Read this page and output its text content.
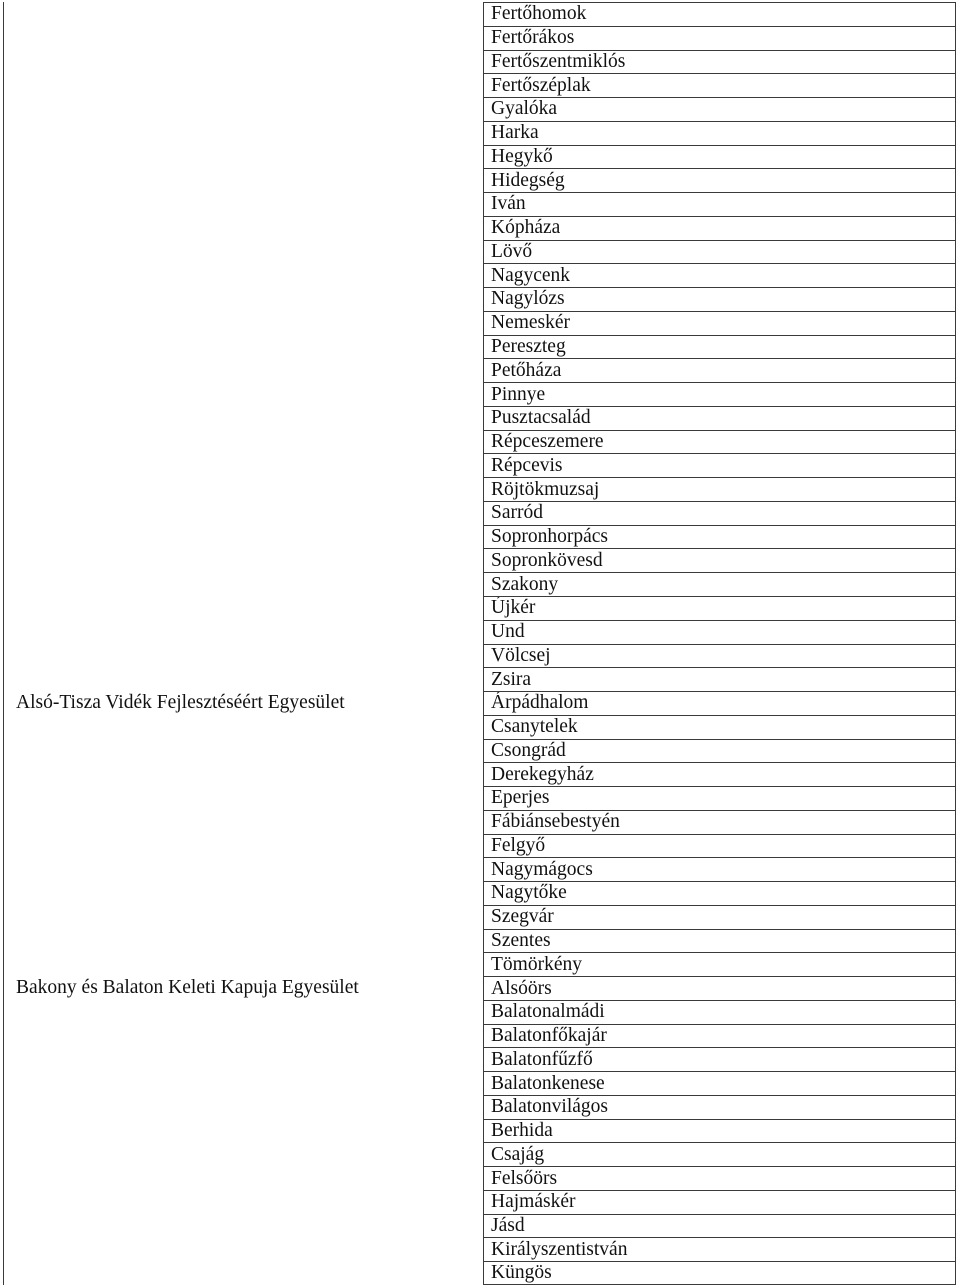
Fertőhomok
Fertőrákos
Fertőszentmiklós
Fertőszéplak
Gyalóka
Harka
Hegykő
Hidegség
Iván
Kópháza
Lövő
Nagycenk
Nagylózs
Nemeskér
Pereszteg
Petőháza
Pinnye
Pusztacsalád
Répceszemere
Répcevis
Röjtökmuzsaj
Sarród
Sopronhorpács
Sopronkövesd
Szakony
Újkér
Und
Völcsej
Zsira
Alsó-Tisza Vidék Fejlesztéséért Egyesület	Árpádhalom
Csanytelek
Csongrád
Derekegyház
Eperjes
Fábiánsebestyén
Felgyő
Nagymágocs
Nagytőke
Szegvár
Szentes
Tömörkény
Bakony és Balaton Keleti Kapuja Egyesület	Alsóörs
Balatonalmádi
Balatonfőkajár
Balatonfűzfő
Balatonkenese
Balatonvilágos
Berhida
Csajág
Felsőörs
Hajmáskér
Jásd
Királyszentistván
Küngös
